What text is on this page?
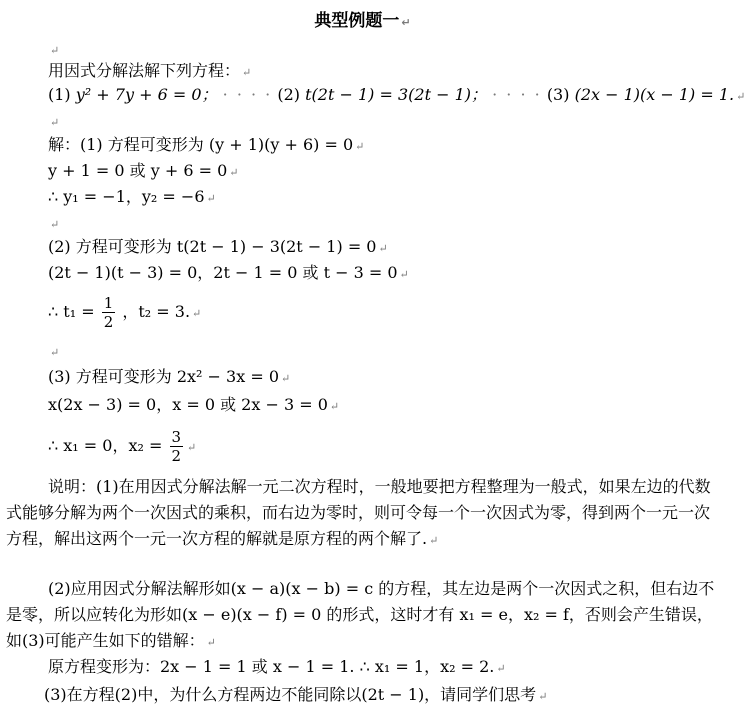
典型例题一 ↵
↵
用因式分解法解下列方程： ↵
(1) y² + 7y + 6 = 0； · · · · (2) t(2t − 1) = 3(2t − 1)； · · · · (3) (2x − 1)(x − 1) = 1. ↵
↵
解：(1) 方程可变形为 (y + 1)(y + 6) = 0 ↵
y + 1 = 0 或 y + 6 = 0 ↵
∴ y₁ = −1，y₂ = −6 ↵
↵
(2) 方程可变形为 t(2t − 1) − 3(2t − 1) = 0 ↵
(2t − 1)(t − 3) = 0，2t − 1 = 0 或 t − 3 = 0 ↵
∴ $t_1 = \frac{1}{2}$ ，t₂ = 3. ↵
↵
(3) 方程可变形为 2x² − 3x = 0 ↵
x(2x − 3) = 0，x = 0 或 2x − 3 = 0 ↵
∴ x₁ = 0，$x_2 = \frac{3}{2}$ ↵
说明：(1)在用因式分解法解一元二次方程时，一般地要把方程整理为一般式，如果左边的代数式能够分解为两个一次因式的乘积，而右边为零时，则可令每一个一次因式为零，得到两个一元一次方程，解出这两个一元一次方程的解就是原方程的两个解了. ↵
(2)应用因式分解法解形如(x − a)(x − b) = c 的方程，其左边是两个一次因式之积，但右边不是零，所以应转化为形如(x − e)(x − f) = 0 的形式，这时才有 x₁ = e，x₂ = f，否则会产生错误，如(3)可能产生如下的错解： ↵
原方程变形为：2x − 1 = 1 或 x − 1 = 1. ∴ x₁ = 1，x₂ = 2. ↵
(3)在方程(2)中，为什么方程两边不能同除以(2t − 1)，请同学们思考 ↵
